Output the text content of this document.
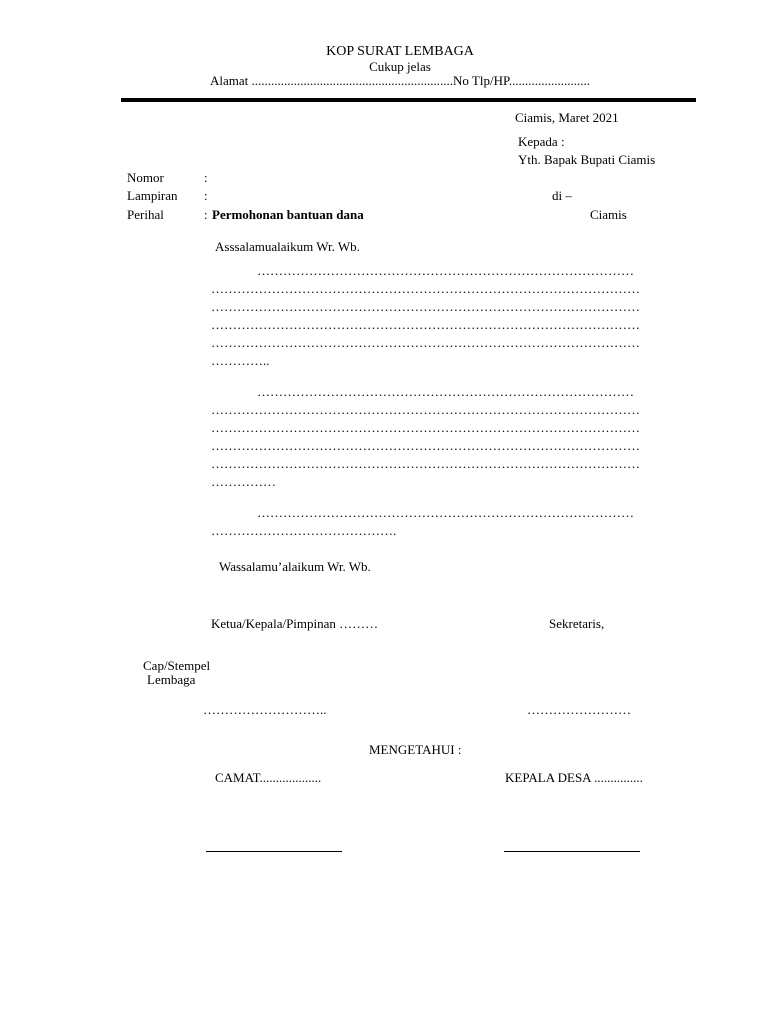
KOP SURAT LEMBAGA
Cukup jelas
Alamat ..............................................................No Tlp/HP.........................
Ciamis, Maret 2021
Kepada :
Yth. Bapak Bupati Ciamis
Nomor	:
Lampiran :	di –
Perihal	: Permohonan bantuan dana	Ciamis
Asssalamualaikum Wr. Wb.
……………………………………………………………………………
………………………………………………………………………………………
………………………………………………………………………………………
………………………………………………………………………………………
………………………………………………………………………………………
…………..
……………………………………………………………………………
………………………………………………………………………………………
………………………………………………………………………………………
………………………………………………………………………………………
………………………………………………………………………………………
……………
……………………………………………………………………………
…………………………………….
Wassalamu’alaikum Wr. Wb.
Ketua/Kepala/Pimpinan ………	Sekretaris,
Cap/Stempel
Lembaga
………………………..	……………………
MENGETAHUI :
CAMAT...................	KEPALA DESA ...............
